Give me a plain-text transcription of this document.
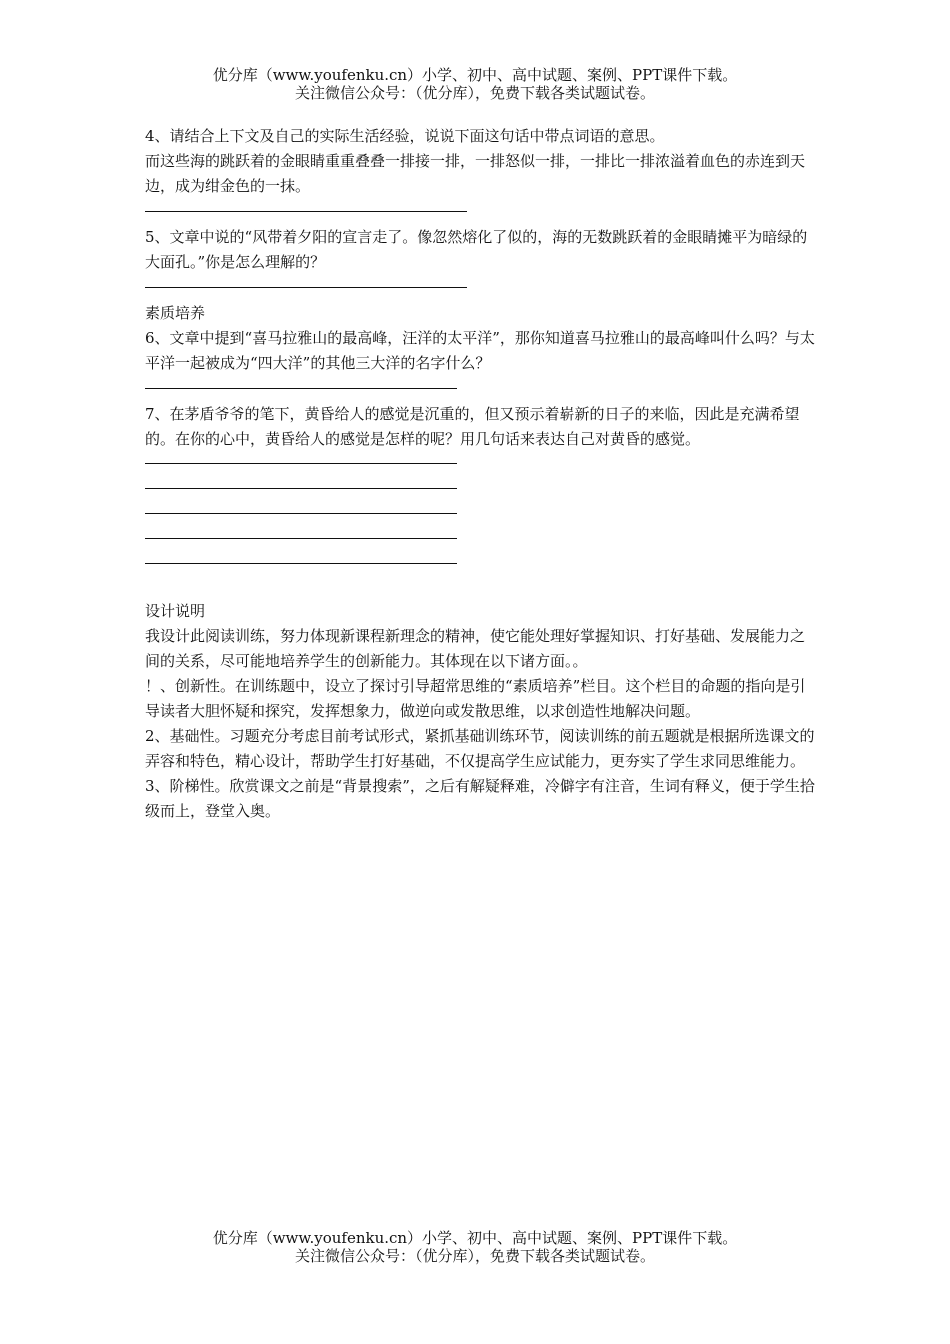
优分库（www.youfenku.cn）小学、初中、高中试题、案例、PPT课件下载。
关注微信公众号：（优分库），免费下载各类试题试卷。

4、请结合上下文及自己的实际生活经验，说说下面这句话中带点词语的意思。

而这些海的跳跃着的金眼睛重重叠叠一排接一排，一排怒似一排，一排比一排浓溢着血色的赤连到天边，成为绀金色的一抹。

5、文章中说的“风带着夕阳的宣言走了。像忽然熔化了似的，海的无数跳跃着的金眼睛摊平为暗绿的大面孔。”你是怎么理解的？

素质培养

6、文章中提到“喜马拉雅山的最高峰，汪洋的太平洋”，那你知道喜马拉雅山的最高峰叫什么吗？与太平洋一起被成为“四大洋”的其他三大洋的名字什么？

7、在茅盾爷爷的笔下，黄昏给人的感觉是沉重的，但又预示着崭新的日子的来临，因此是充满希望的。在你的心中，黄昏给人的感觉是怎样的呢？用几句话来表达自己对黄昏的感觉。

设计说明

我设计此阅读训练，努力体现新课程新理念的精神，使它能处理好掌握知识、打好基础、发展能力之间的关系，尽可能地培养学生的创新能力。其体现在以下诸方面。。

！、创新性。在训练题中，设立了探讨引导超常思维的“素质培养”栏目。这个栏目的命题的指向是引导读者大胆怀疑和探究，发挥想象力，做逆向或发散思维，以求创造性地解决问题。

2、基础性。习题充分考虑目前考试形式，紧抓基础训练环节，阅读训练的前五题就是根据所选课文的弄容和特色，精心设计，帮助学生打好基础，不仅提高学生应试能力，更夯实了学生求同思维能力。

3、阶梯性。欣赏课文之前是“背景搜索”，之后有解疑释难，冷僻字有注音，生词有释义，便于学生拾级而上，登堂入奥。

优分库（www.youfenku.cn）小学、初中、高中试题、案例、PPT课件下载。
关注微信公众号：（优分库），免费下载各类试题试卷。
